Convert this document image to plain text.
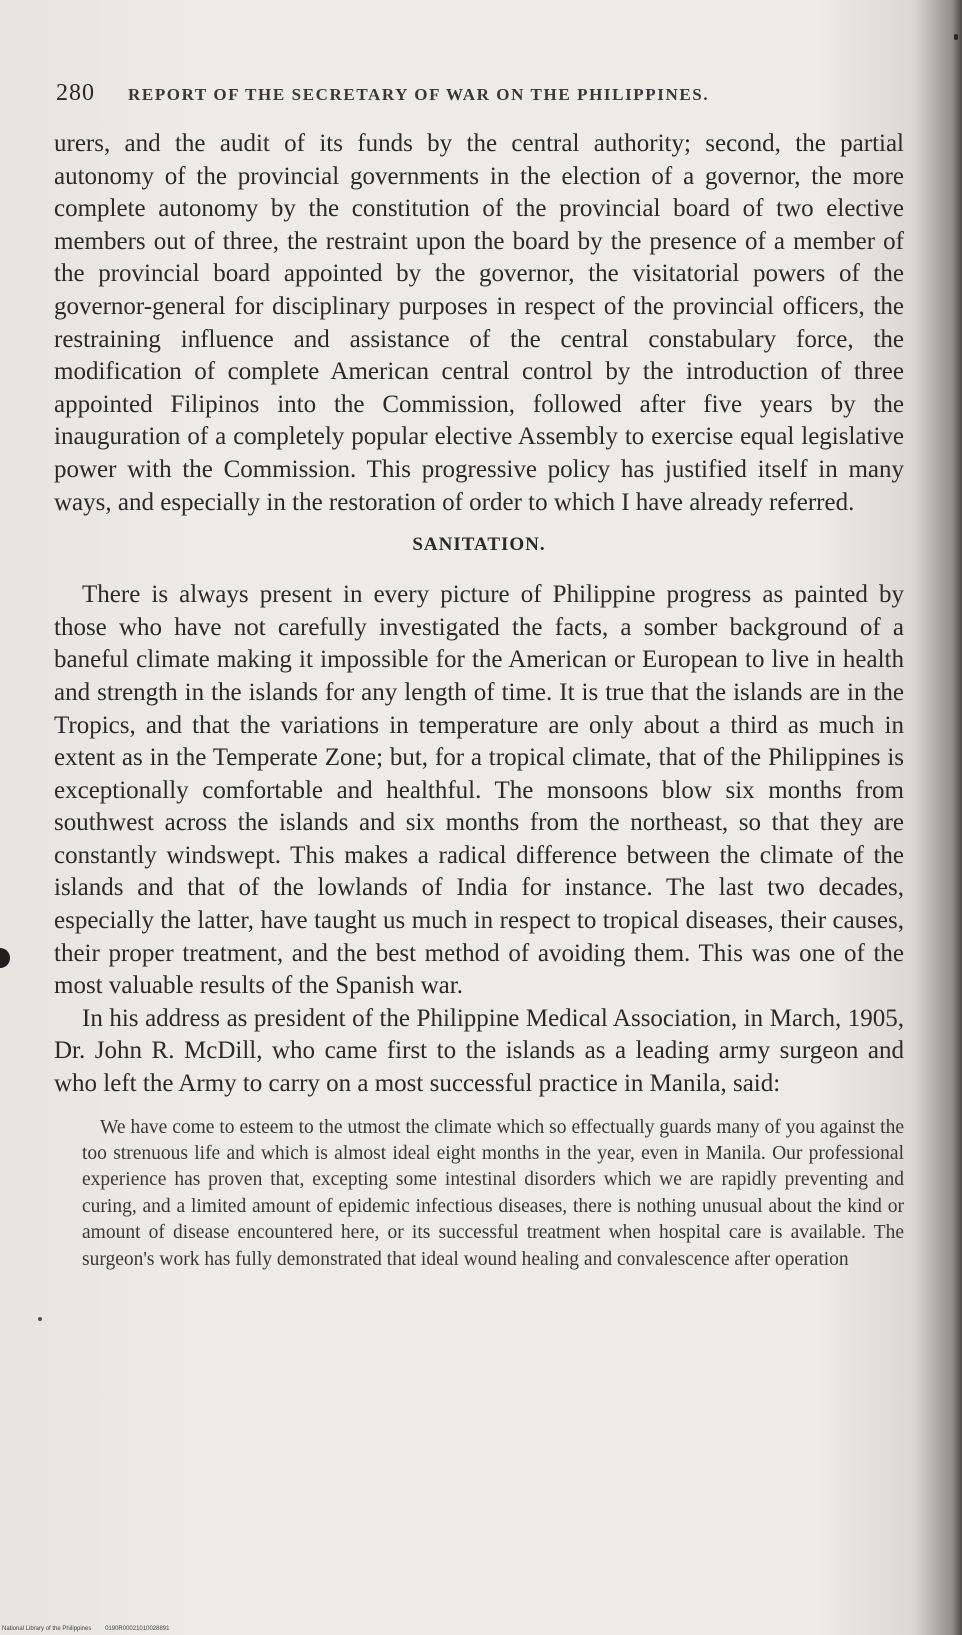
280 REPORT OF THE SECRETARY OF WAR ON THE PHILIPPINES.

urers, and the audit of its funds by the central authority; second, the partial autonomy of the provincial governments in the election of a governor, the more complete autonomy by the constitution of the provincial board of two elective members out of three, the restraint upon the board by the presence of a member of the provincial board appointed by the governor, the visitatorial powers of the governor-general for disciplinary purposes in respect of the provincial officers, the restraining influence and assistance of the central constabulary force, the modification of complete American central control by the introduction of three appointed Filipinos into the Commission, followed after five years by the inauguration of a completely popular elective Assembly to exercise equal legislative power with the Commission. This progressive policy has justified itself in many ways, and especially in the restoration of order to which I have already referred.

SANITATION.

There is always present in every picture of Philippine progress as painted by those who have not carefully investigated the facts, a somber background of a baneful climate making it impossible for the American or European to live in health and strength in the islands for any length of time. It is true that the islands are in the Tropics, and that the variations in temperature are only about a third as much in extent as in the Temperate Zone; but, for a tropical climate, that of the Philippines is exceptionally comfortable and healthful. The monsoons blow six months from southwest across the islands and six months from the northeast, so that they are constantly windswept. This makes a radical difference between the climate of the islands and that of the lowlands of India for instance. The last two decades, especially the latter, have taught us much in respect to tropical diseases, their causes, their proper treatment, and the best method of avoiding them. This was one of the most valuable results of the Spanish war.

In his address as president of the Philippine Medical Association, in March, 1905, Dr. John R. McDill, who came first to the islands as a leading army surgeon and who left the Army to carry on a most successful practice in Manila, said:

We have come to esteem to the utmost the climate which so effectually guards many of you against the too strenuous life and which is almost ideal eight months in the year, even in Manila. Our professional experience has proven that, excepting some intestinal disorders which we are rapidly preventing and curing, and a limited amount of epidemic infectious diseases, there is nothing unusual about the kind or amount of disease encountered here, or its successful treatment when hospital care is available. The surgeon's work has fully demonstrated that ideal wound healing and convalescence after operation

National Library of the Philippines 0190R00021010028891
